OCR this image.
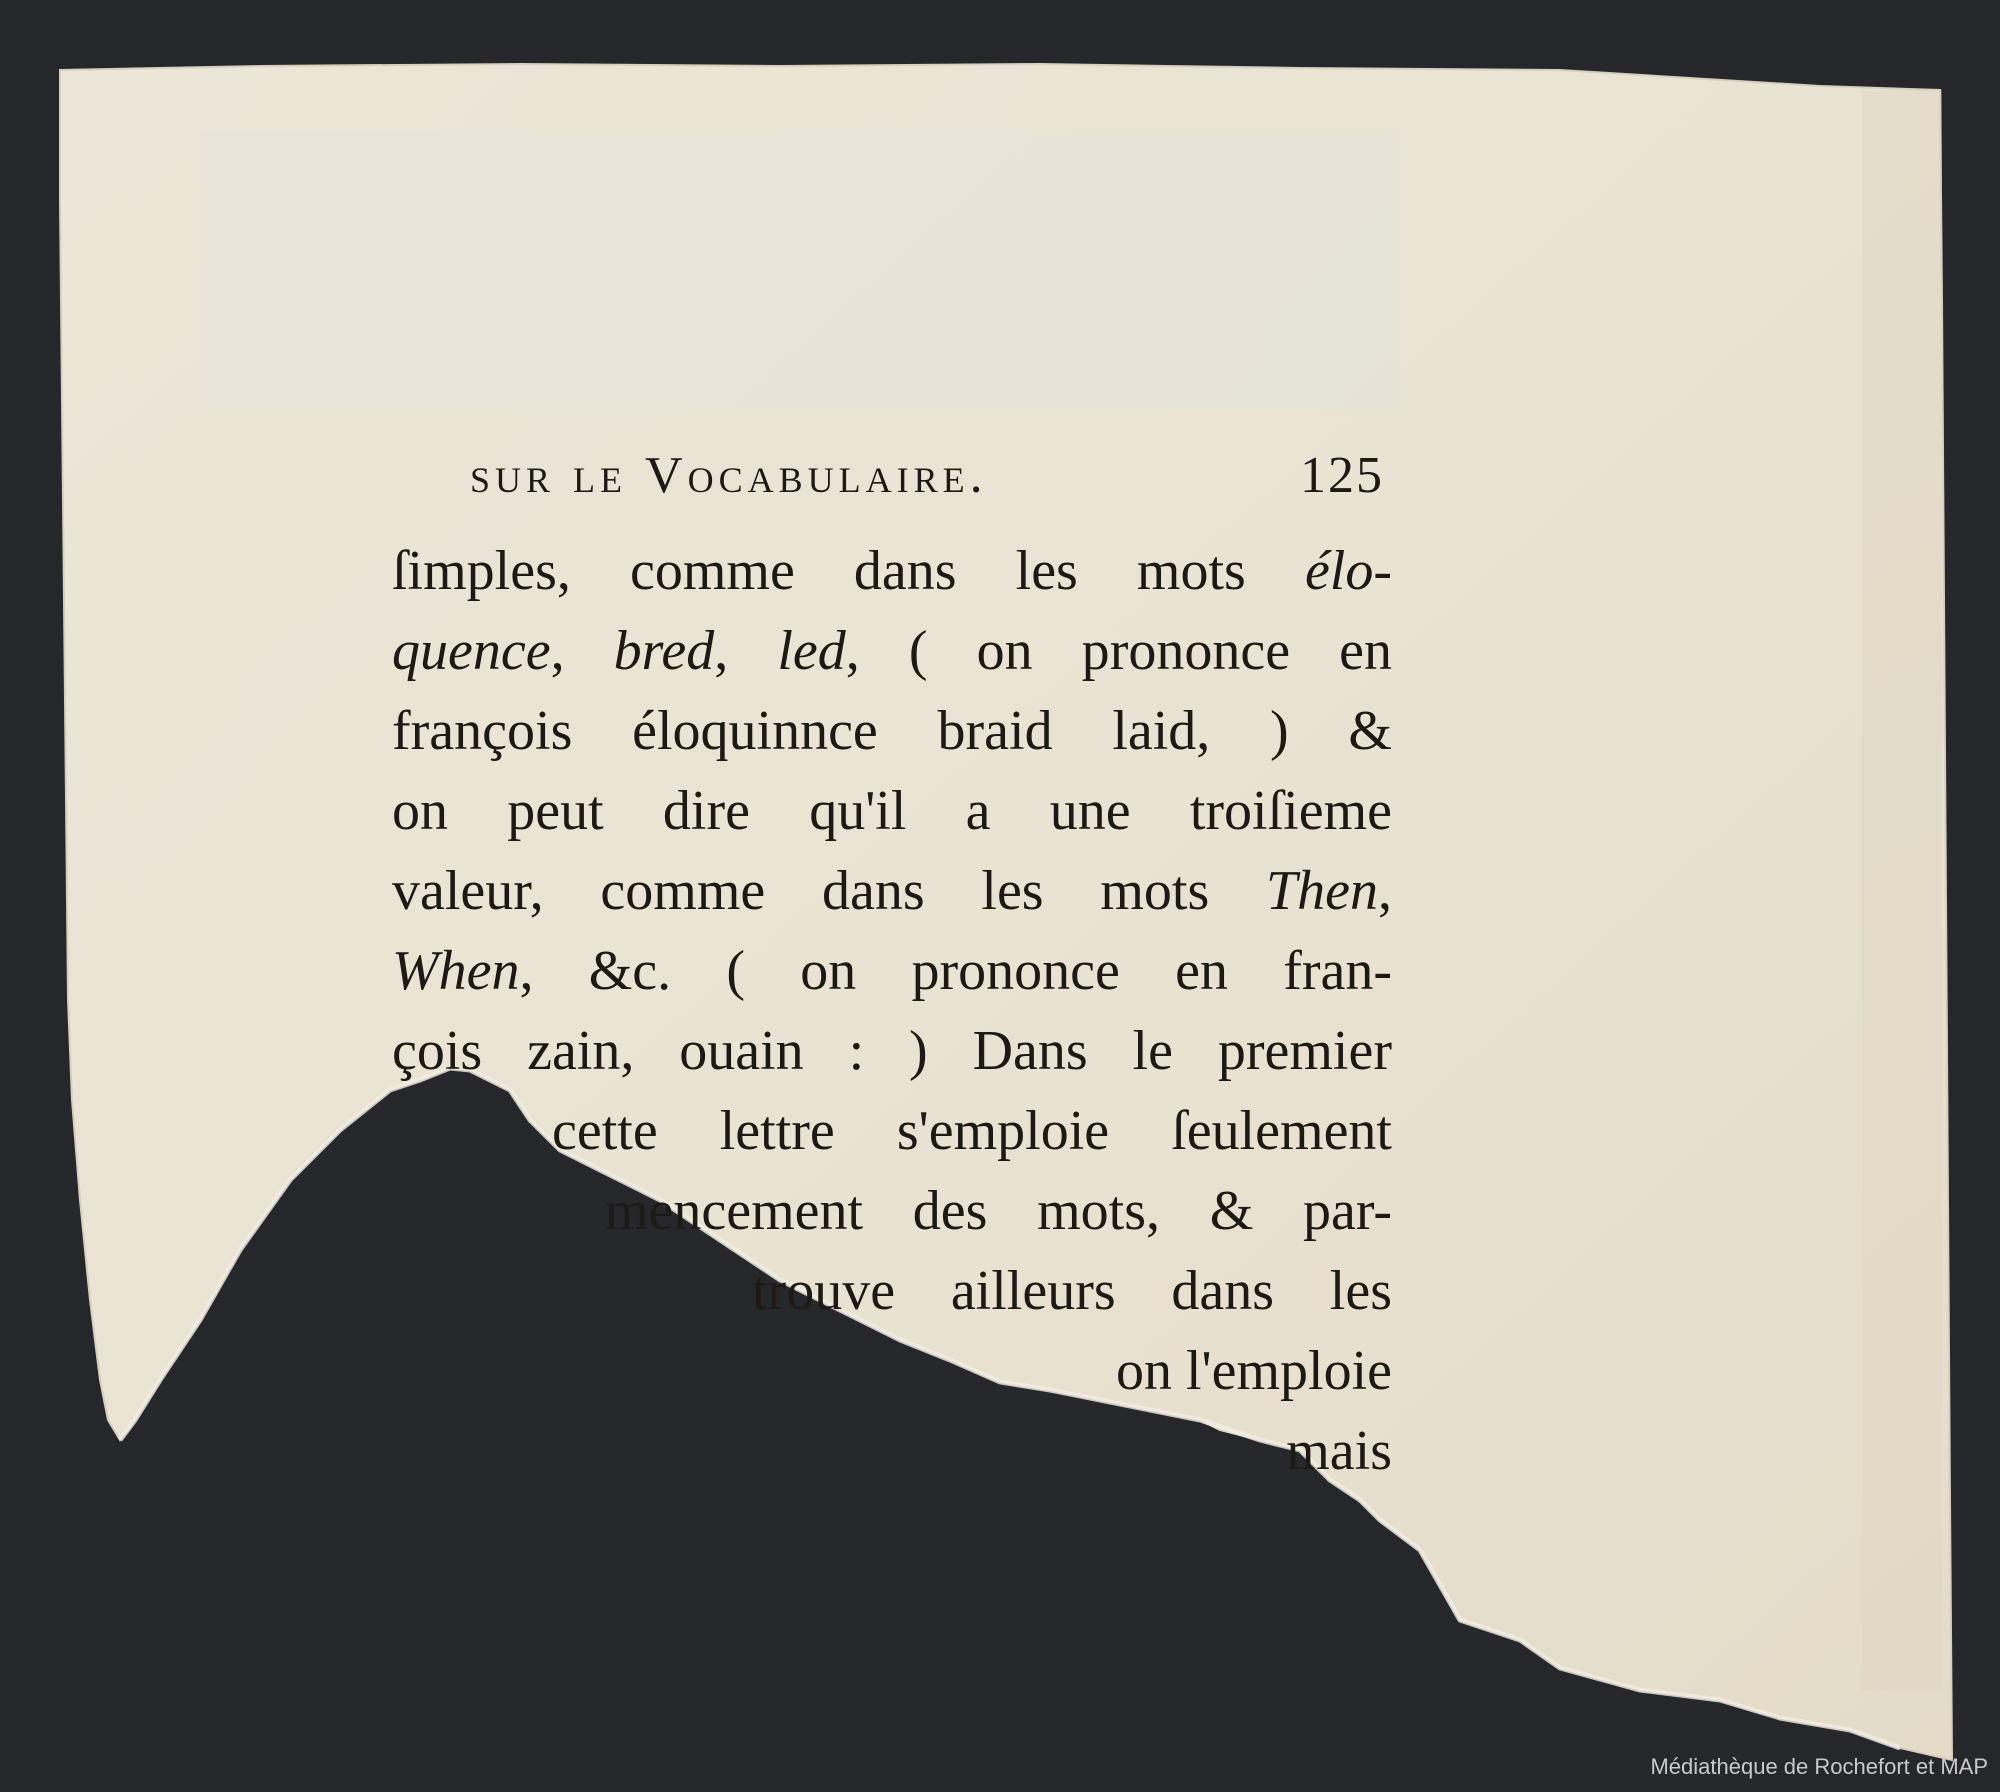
sur le Vocabulaire.	125
ſimples, comme dans les mots élo-
quence, bred, led, ( on prononce en
françois éloquinnce braid laid, ) &
on peut dire qu'il a une troiſieme
valeur, comme dans les mots Then,
When, &c. ( on prononce en fran-
çois zain, ouain : ) Dans le premier
cette lettre s'emploie ſeulement
mencement des mots, & par-
trouve ailleurs dans les
on l'emploie
mais
Médiathèque de Rochefort et MAP
